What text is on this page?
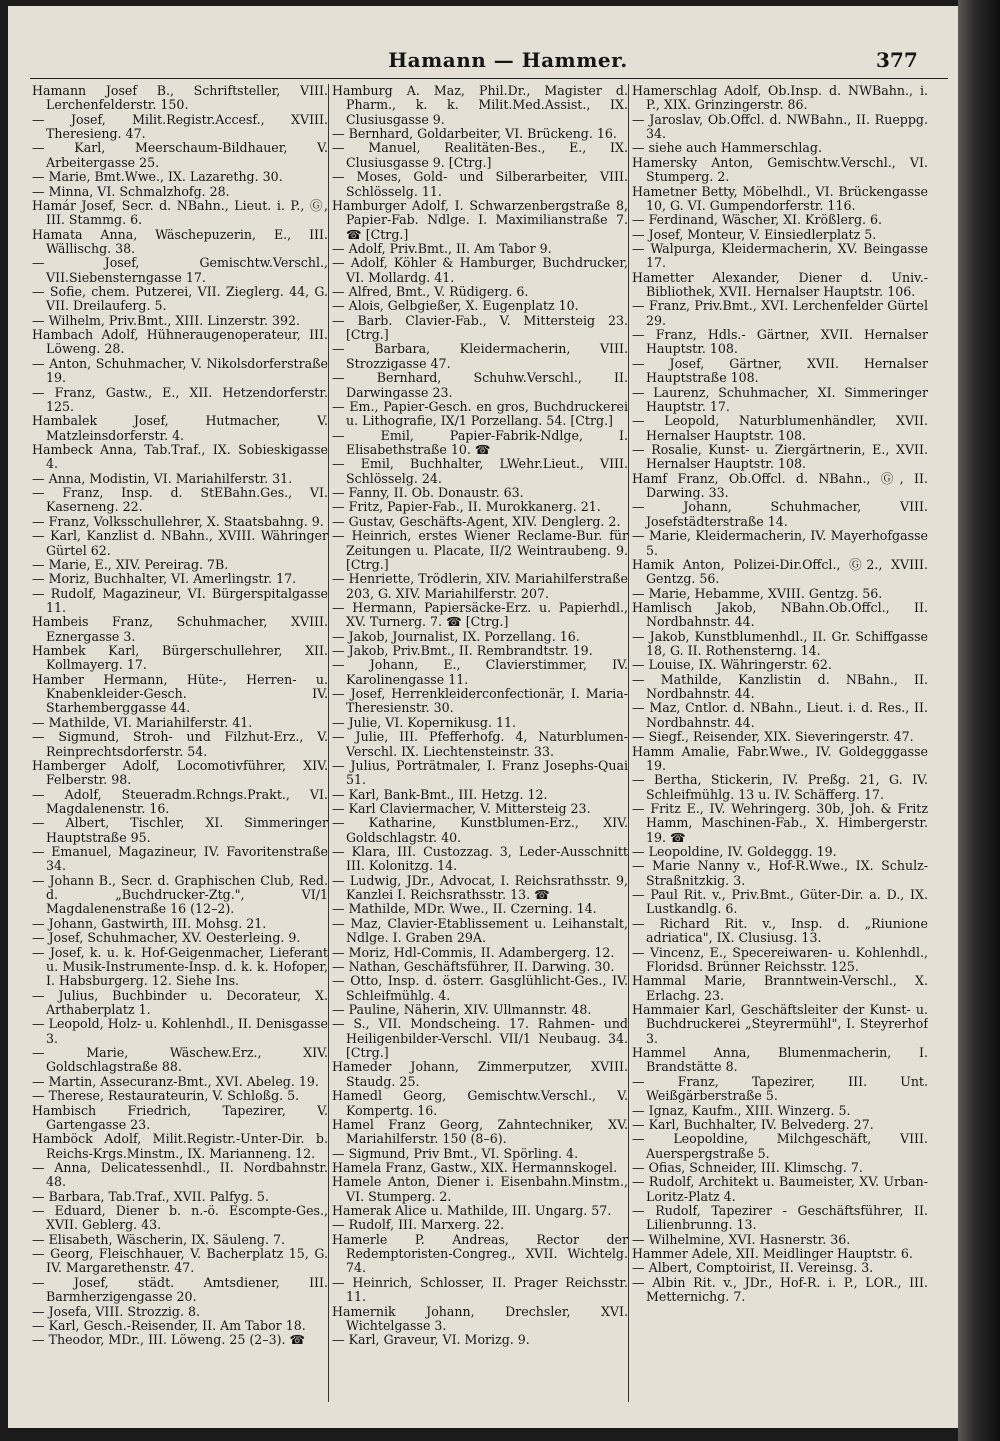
Hamann — Hammer.	377
Hamann Josef B., Schriftsteller, VIII. Lerchenfelderstr. 150.
— Josef, Milit.Registr.Accesf., XVIII. Theresieng. 47.
— Karl, Meerschaum-Bildhauer, V. Arbeitergasse 25.
— Marie, Bmt.Wwe., IX. Lazarethg. 30.
— Minna, VI. Schmalzhofg. 28.
Hamár Josef, Secr. d. NBahn., Lieut. i. P., Ⓖ, III. Stammg. 6.
Hamata Anna, Wäschepuzerin, E., III. Wällischg. 38.
— Josef, Gemischtw.Verschl., VII.Siebensterngasse 17.
— Sofie, chem. Putzerei, VII. Zieglerg. 44, G. VII. Dreilauferg. 5.
— Wilhelm, Priv.Bmt., XIII. Linzerstr. 392.
Hambach Adolf, Hühneraugenoperateur, III. Löweng. 28.
— Anton, Schuhmacher, V. Nikolsdorferstraße 19.
— Franz, Gastw., E., XII. Hetzendorferstr. 125.
Hambalek Josef, Hutmacher, V. Matzleinsdorferstr. 4.
Hambeck Anna, Tab.Traf., IX. Sobieskigasse 4.
— Anna, Modistin, VI. Mariahilferstr. 31.
— Franz, Insp. d. StEBahn.Ges., VI. Kaserneng. 22.
— Franz, Volksschullehrer, X. Staatsbahng. 9.
— Karl, Kanzlist d. NBahn., XVIII. Währinger Gürtel 62.
— Marie, E., XIV. Pereirag. 7B.
— Moriz, Buchhalter, VI. Amerlingstr. 17.
— Rudolf, Magazineur, VI. Bürgerspitalgasse 11.
Hambeis Franz, Schuhmacher, XVIII. Eznergasse 3.
Hambek Karl, Bürgerschullehrer, XII. Kollmayerg. 17.
Hamber Hermann, Hüte-, Herren- u. Knabenkleider-Gesch. IV. Starhemberggasse 44.
— Mathilde, VI. Mariahilferstr. 41.
— Sigmund, Stroh- und Filzhut-Erz., V. Reinprechtsdorferstr. 54.
Hamberger Adolf, Locomotivführer, XIV. Felberstr. 98.
— Adolf, Steueradm.Rchngs.Prakt., VI. Magdalenenstr. 16.
— Albert, Tischler, XI. Simmeringer Hauptstraße 95.
— Emanuel, Magazineur, IV. Favoritenstraße 34.
— Johann B., Secr. d. Graphischen Club, Red. d. „Buchdrucker-Ztg.", VI/1 Magdalenenstraße 16 (12–2).
— Johann, Gastwirth, III. Mohsg. 21.
— Josef, Schuhmacher, XV. Oesterleing. 9.
— Josef, k. u. k. Hof-Geigenmacher, Lieferant u. Musik-Instrumente-Insp. d. k. k. Hofoper, I. Habsburgerg. 12. Siehe Ins.
— Julius, Buchbinder u. Decorateur, X. Arthaberplatz 1.
— Leopold, Holz- u. Kohlenhdl., II. Denisgasse 3.
— Marie, Wäschew.Erz., XIV. Goldschlagstraße 88.
— Martin, Assecuranz-Bmt., XVI. Abeleg. 19.
— Therese, Restaurateurin, V. Schloßg. 5.
Hambisch Friedrich, Tapezirer, V. Gartengasse 23.
Hamböck Adolf, Milit.Registr.-Unter-Dir. b. Reichs-Krgs.Minstm., IX. Marianneng. 12.
— Anna, Delicatessenhdl., II. Nordbahnstr. 48.
— Barbara, Tab.Traf., XVII. Palfyg. 5.
— Eduard, Diener b. n.-ö. Escompte-Ges., XVII. Geblerg. 43.
— Elisabeth, Wäscherin, IX. Säuleng. 7.
— Georg, Fleischhauer, V. Bacherplatz 15, G. IV. Margarethenstr. 47.
— Josef, städt. Amtsdiener, III. Barmherzigengasse 20.
— Josefa, VIII. Strozzig. 8.
— Karl, Gesch.-Reisender, II. Am Tabor 18.
— Theodor, MDr., III. Löweng. 25 (2–3). ☎
Hamburg A. Maz, Phil.Dr., Magister d. Pharm., k. k. Milit.Med.Assist., IX. Clusiusgasse 9.
— Bernhard, Goldarbeiter, VI. Brückeng. 16.
— Manuel, Realitäten-Bes., E., IX. Clusiusgasse 9. [Ctrg.]
— Moses, Gold- und Silberarbeiter, VIII. Schlösselg. 11.
Hamburger Adolf, I. Schwarzenbergstraße 8, Papier-Fab. Ndlge. I. Maximilianstraße 7. ☎ [Ctrg.]
— Adolf, Priv.Bmt., II. Am Tabor 9.
— Adolf, Köhler & Hamburger, Buchdrucker, VI. Mollardg. 41.
— Alfred, Bmt., V. Rüdigerg. 6.
— Alois, Gelbgießer, X. Eugenplatz 10.
— Barb. Clavier-Fab., V. Mittersteig 23. [Ctrg.]
— Barbara, Kleidermacherin, VIII. Strozzigasse 47.
— Bernhard, Schuhw.Verschl., II. Darwingasse 23.
— Em., Papier-Gesch. en gros, Buchdruckerei u. Lithografie, IX/1 Porzellang. 54. [Ctrg.]
— Emil, Papier-Fabrik-Ndlge, I. Elisabethstraße 10. ☎
— Emil, Buchhalter, LWehr.Lieut., VIII. Schlösselg. 24.
— Fanny, II. Ob. Donaustr. 63.
— Fritz, Papier-Fab., II. Murokkanerg. 21.
— Gustav, Geschäfts-Agent, XIV. Denglerg. 2.
— Heinrich, erstes Wiener Reclame-Bur. für Zeitungen u. Placate, II/2 Weintraubeng. 9. [Ctrg.]
— Henriette, Trödlerin, XIV. Mariahilferstraße 203, G. XIV. Mariahilferstr. 207.
— Hermann, Papiersäcke-Erz. u. Papierhdl., XV. Turnerg. 7. ☎ [Ctrg.]
— Jakob, Journalist, IX. Porzellang. 16.
— Jakob, Priv.Bmt., II. Rembrandtstr. 19.
— Johann, E., Clavierstimmer, IV. Karolinengasse 11.
— Josef, Herrenkleiderconfectionär, I. Maria-Theresienstr. 30.
— Julie, VI. Kopernikusg. 11.
— Julie, III. Pfefferhofg. 4, Naturblumen-Verschl. IX. Liechtensteinstr. 33.
— Julius, Porträtmaler, I. Franz Josephs-Quai 51.
— Karl, Bank-Bmt., III. Hetzg. 12.
— Karl Claviermacher, V. Mittersteig 23.
— Katharine, Kunstblumen-Erz., XIV. Goldschlagstr. 40.
— Klara, III. Custozzag. 3, Leder-Ausschnitt III. Kolonitzg. 14.
— Ludwig, JDr., Advocat, I. Reichsrathsstr. 9, Kanzlei I. Reichsrathsstr. 13. ☎
— Mathilde, MDr. Wwe., II. Czerning. 14.
— Maz, Clavier-Etablissement u. Leihanstalt, Ndlge. I. Graben 29A.
— Moriz, Hdl-Commis, II. Adambergerg. 12.
— Nathan, Geschäftsführer, II. Darwing. 30.
— Otto, Insp. d. österr. Gasglühlicht-Ges., IV. Schleifmühlg. 4.
— Pauline, Näherin, XIV. Ullmannstr. 48.
— S., VII. Mondscheing. 17. Rahmen- und Heiligenbilder-Verschl. VII/1 Neubaug. 34. [Ctrg.]
Hameder Johann, Zimmerputzer, XVIII. Staudg. 25.
Hamedl Georg, Gemischtw.Verschl., V. Kompertg. 16.
Hamel Franz Georg, Zahntechniker, XV. Mariahilferstr. 150 (8–6).
— Sigmund, Priv Bmt., VI. Spörling. 4.
Hamela Franz, Gastw., XIX. Hermannskogel.
Hamele Anton, Diener i. Eisenbahn.Minstm., VI. Stumperg. 2.
Hamerak Alice u. Mathilde, III. Ungarg. 57.
— Rudolf, III. Marxerg. 22.
Hamerle P. Andreas, Rector der Redemptoristen-Congreg., XVII. Wichtelg. 74.
— Heinrich, Schlosser, II. Prager Reichsstr. 11.
Hamernik Johann, Drechsler, XVI. Wichtelgasse 3.
— Karl, Graveur, VI. Morizg. 9.
Hamerschlag Adolf, Ob.Insp. d. NWBahn., i. P., XIX. Grinzingerstr. 86.
— Jaroslav, Ob.Offcl. d. NWBahn., II. Rueppg. 34.
— siehe auch Hammerschlag.
Hamersky Anton, Gemischtw.Verschl., VI. Stumperg. 2.
Hametner Betty, Möbelhdl., VI. Brückengasse 10, G. VI. Gumpendorferstr. 116.
— Ferdinand, Wäscher, XI. Krößlerg. 6.
— Josef, Monteur, V. Einsiedlerplatz 5.
— Walpurga, Kleidermacherin, XV. Beingasse 17.
Hametter Alexander, Diener d. Univ.-Bibliothek, XVII. Hernalser Hauptstr. 106.
— Franz, Priv.Bmt., XVI. Lerchenfelder Gürtel 29.
— Franz, Hdls.- Gärtner, XVII. Hernalser Hauptstr. 108.
— Josef, Gärtner, XVII. Hernalser Hauptstraße 108.
— Laurenz, Schuhmacher, XI. Simmeringer Hauptstr. 17.
— Leopold, Naturblumenhändler, XVII. Hernalser Hauptstr. 108.
— Rosalie, Kunst- u. Ziergärtnerin, E., XVII. Hernalser Hauptstr. 108.
Hamf Franz, Ob.Offcl. d. NBahn., Ⓖ, II. Darwing. 33.
— Johann, Schuhmacher, VIII. Josefstädterstraße 14.
— Marie, Kleidermacherin, IV. Mayerhofgasse 5.
Hamik Anton, Polizei-Dir.Offcl., Ⓖ2., XVIII. Gentzg. 56.
— Marie, Hebamme, XVIII. Gentzg. 56.
Hamlisch Jakob, NBahn.Ob.Offcl., II. Nordbahnstr. 44.
— Jakob, Kunstblumenhdl., II. Gr. Schiffgasse 18, G. II. Rothensterng. 14.
— Louise, IX. Währingerstr. 62.
— Mathilde, Kanzlistin d. NBahn., II. Nordbahnstr. 44.
— Maz, Cntlor. d. NBahn., Lieut. i. d. Res., II. Nordbahnstr. 44.
— Siegf., Reisender, XIX. Sieveringerstr. 47.
Hamm Amalie, Fabr.Wwe., IV. Goldegggasse 19.
— Bertha, Stickerin, IV. Preßg. 21, G. IV. Schleifmühlg. 13 u. IV. Schäfferg. 17.
— Fritz E., IV. Wehringerg. 30b, Joh. & Fritz Hamm, Maschinen-Fab., X. Himbergerstr. 19. ☎
— Leopoldine, IV. Goldeggg. 19.
— Marie Nanny v., Hof-R.Wwe., IX. Schulz-Straßnitzkig. 3.
— Paul Rit. v., Priv.Bmt., Güter-Dir. a. D., IX. Lustkandlg. 6.
— Richard Rit. v., Insp. d. „Riunione adriatica", IX. Clusiusg. 13.
— Vincenz, E., Specereiwaren- u. Kohlenhdl., Floridsd. Brünner Reichsstr. 125.
Hammal Marie, Branntwein-Verschl., X. Erlachg. 23.
Hammaier Karl, Geschäftsleiter der Kunst- u. Buchdruckerei „Steyrermühl", I. Steyrerhof 3.
Hammel Anna, Blumenmacherin, I. Brandstätte 8.
— Franz, Tapezirer, III. Unt. Weißgärberstraße 5.
— Ignaz, Kaufm., XIII. Winzerg. 5.
— Karl, Buchhalter, IV. Belvederg. 27.
— Leopoldine, Milchgeschäft, VIII. Auerspergstraße 5.
— Ofias, Schneider, III. Klimschg. 7.
— Rudolf, Architekt u. Baumeister, XV. Urban-Loritz-Platz 4.
— Rudolf, Tapezirer - Geschäftsführer, II. Lilienbrunng. 13.
— Wilhelmine, XVI. Hasnerstr. 36.
Hammer Adele, XII. Meidlinger Hauptstr. 6.
— Albert, Comptoirist, II. Vereinsg. 3.
— Albin Rit. v., JDr., Hof-R. i. P., LOR., III. Metternichg. 7.
